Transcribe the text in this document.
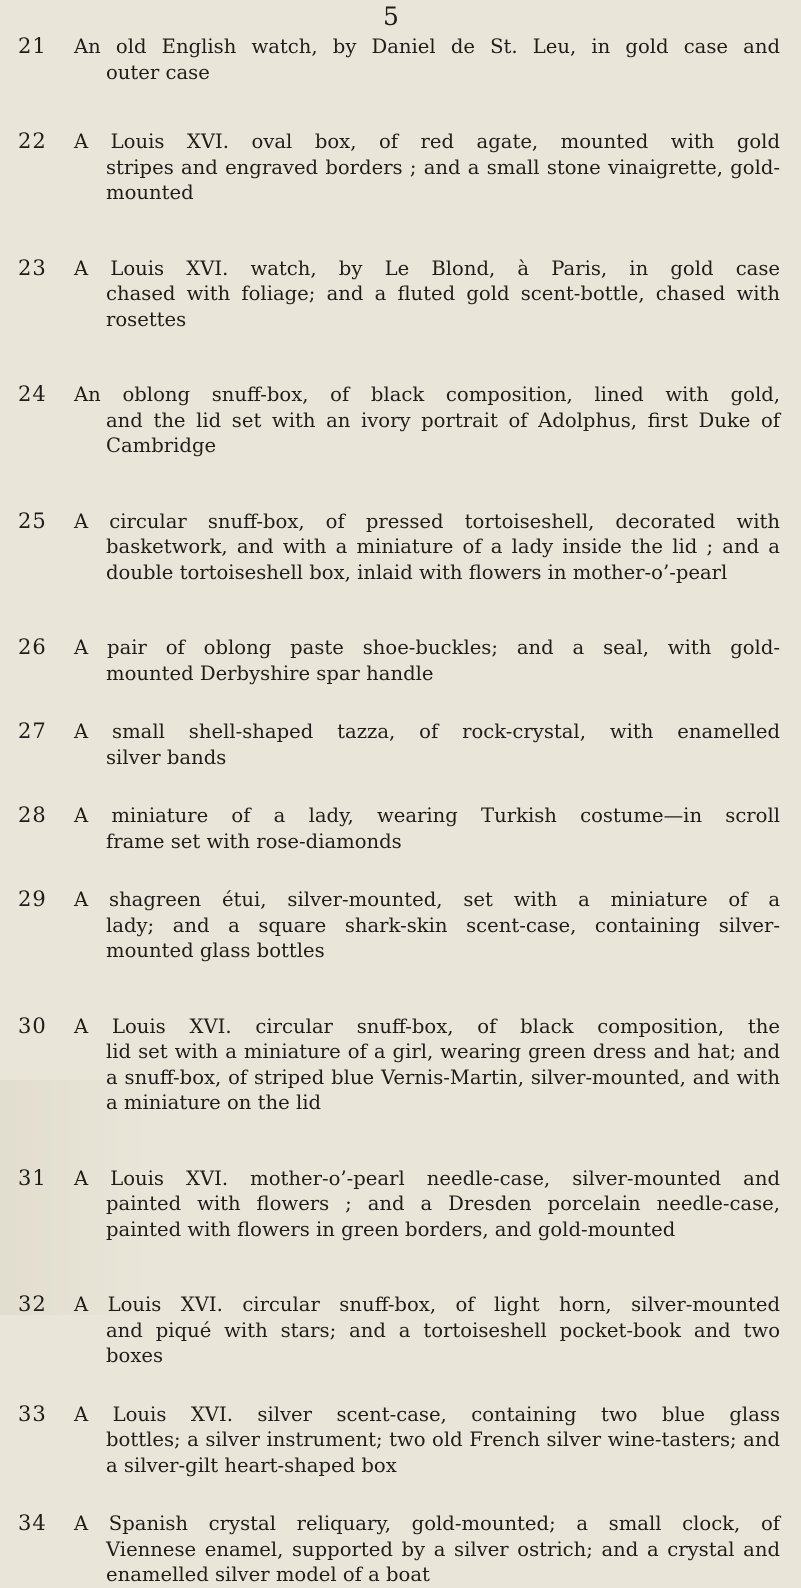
5
21 An old English watch, by Daniel de St. Leu, in gold case and
outer case
22 A Louis XVI. oval box, of red agate, mounted with gold
stripes and engraved borders ; and a small stone vinaigrette, gold-mounted
23 A Louis XVI. watch, by Le Blond, à Paris, in gold case
chased with foliage; and a fluted gold scent-bottle, chased with rosettes
24 An oblong snuff-box, of black composition, lined with gold,
and the lid set with an ivory portrait of Adolphus, first Duke of Cambridge
25 A circular snuff-box, of pressed tortoiseshell, decorated with
basketwork, and with a miniature of a lady inside the lid ; and a double tortoiseshell box, inlaid with flowers in mother-o’-pearl
26 A pair of oblong paste shoe-buckles; and a seal, with gold-
mounted Derbyshire spar handle
27 A small shell-shaped tazza, of rock-crystal, with enamelled
silver bands
28 A miniature of a lady, wearing Turkish costume—in scroll
frame set with rose-diamonds
29 A shagreen étui, silver-mounted, set with a miniature of a
lady; and a square shark-skin scent-case, containing silver-mounted glass bottles
30 A Louis XVI. circular snuff-box, of black composition, the
lid set with a miniature of a girl, wearing green dress and hat; and a snuff-box, of striped blue Vernis-Martin, silver-mounted, and with a miniature on the lid
31 A Louis XVI. mother-o’-pearl needle-case, silver-mounted and
painted with flowers ; and a Dresden porcelain needle-case, painted with flowers in green borders, and gold-mounted
32 A Louis XVI. circular snuff-box, of light horn, silver-mounted
and piqué with stars; and a tortoiseshell pocket-book and two boxes
33 A Louis XVI. silver scent-case, containing two blue glass
bottles; a silver instrument; two old French silver wine-tasters; and a silver-gilt heart-shaped box
34 A Spanish crystal reliquary, gold-mounted; a small clock, of
Viennese enamel, supported by a silver ostrich; and a crystal and enamelled silver model of a boat
